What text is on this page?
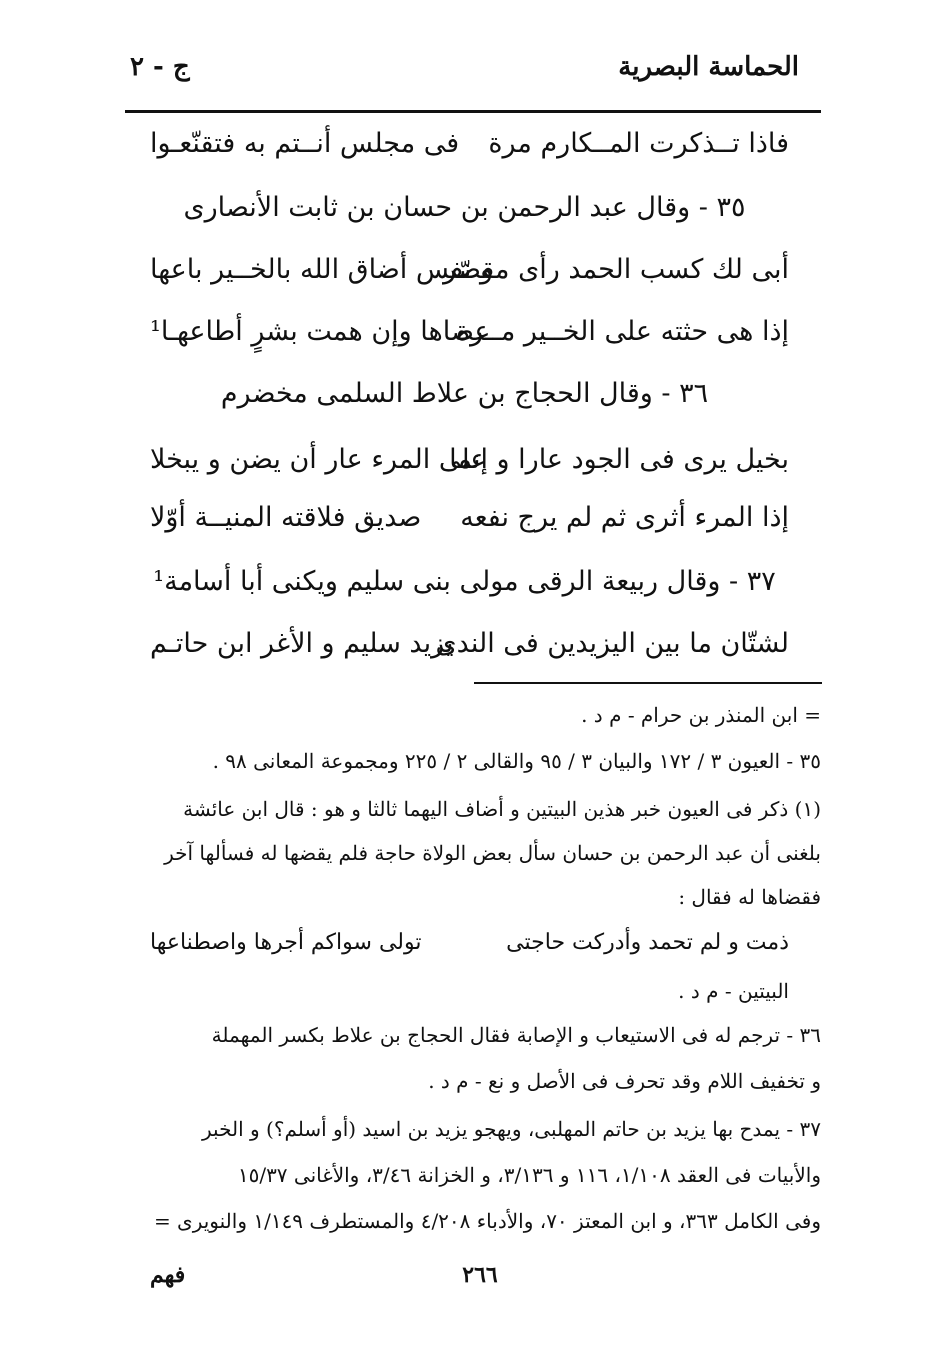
الحماسة البصرية
ج - ٢
فاذا تــذكرت المــكارم مرة
فى مجلس أنــتم به فتقنّعـوا
٣٥ - وقال عبد الرحمن بن حسان بن ثابت الأنصارى
أبى لك كسب الحمد رأى مقصّر
و نفس أضاق الله بالخــير باعها
إذا هى حثته على الخــير مــرة
عصاها وإن همت بشرٍ أطاعهـا¹
٣٦ - وقال الحجاج بن علاط السلمى مخضرم
بخيل يرى فى الجود عارا و إنما
على المرء عار أن يضن و يبخلا
إذا المرء أثرى ثم لم يرج نفعه
صديق فلاقته المنيــة أوّلا
٣٧ - وقال ربيعة الرقى مولى بنى سليم ويكنى أبا أسامة¹
لشتّان ما بين اليزيدين فى الندى
يزيد سليم و الأغر ابن حاتـم
= ابن المنذر بن حرام - م د .
٣٥ - العيون ٣ / ١٧٢ والبيان ٣ / ٩٥ والقالى ٢ / ٢٢٥ ومجموعة المعانى ٩٨ .
(١) ذكر فى العيون خبر هذين البيتين و أضاف اليهما ثالثا و هو : قال ابن عائشة
بلغنى أن عبد الرحمن بن حسان سأل بعض الولاة حاجة فلم يقضها له فسألها آخر
فقضاها له فقال :
ذمت و لم تحمد وأدركت حاجتى
تولى سواكم أجرها واصطناعها
البيتين - م د .
٣٦ - ترجم له فى الاستيعاب و الإصابة فقال الحجاج بن علاط بكسر المهملة
و تخفيف اللام وقد تحرف فى الأصل و نع - م د .
٣٧ - يمدح بها يزيد بن حاتم المهلبى، ويهجو يزيد بن اسيد (أو أسلم؟) و الخبر
والأبيات فى العقد ١/١٠٨، ١١٦ و ٣/١٣٦، و الخزانة ٣/٤٦، والأغانى ١٥/٣٧
وفى الكامل ٣٦٣، و ابن المعتز ٧٠، والأدباء ٤/٢٠٨ والمستطرف ١/١٤٩ والنويرى =
٢٦٦
فهم
